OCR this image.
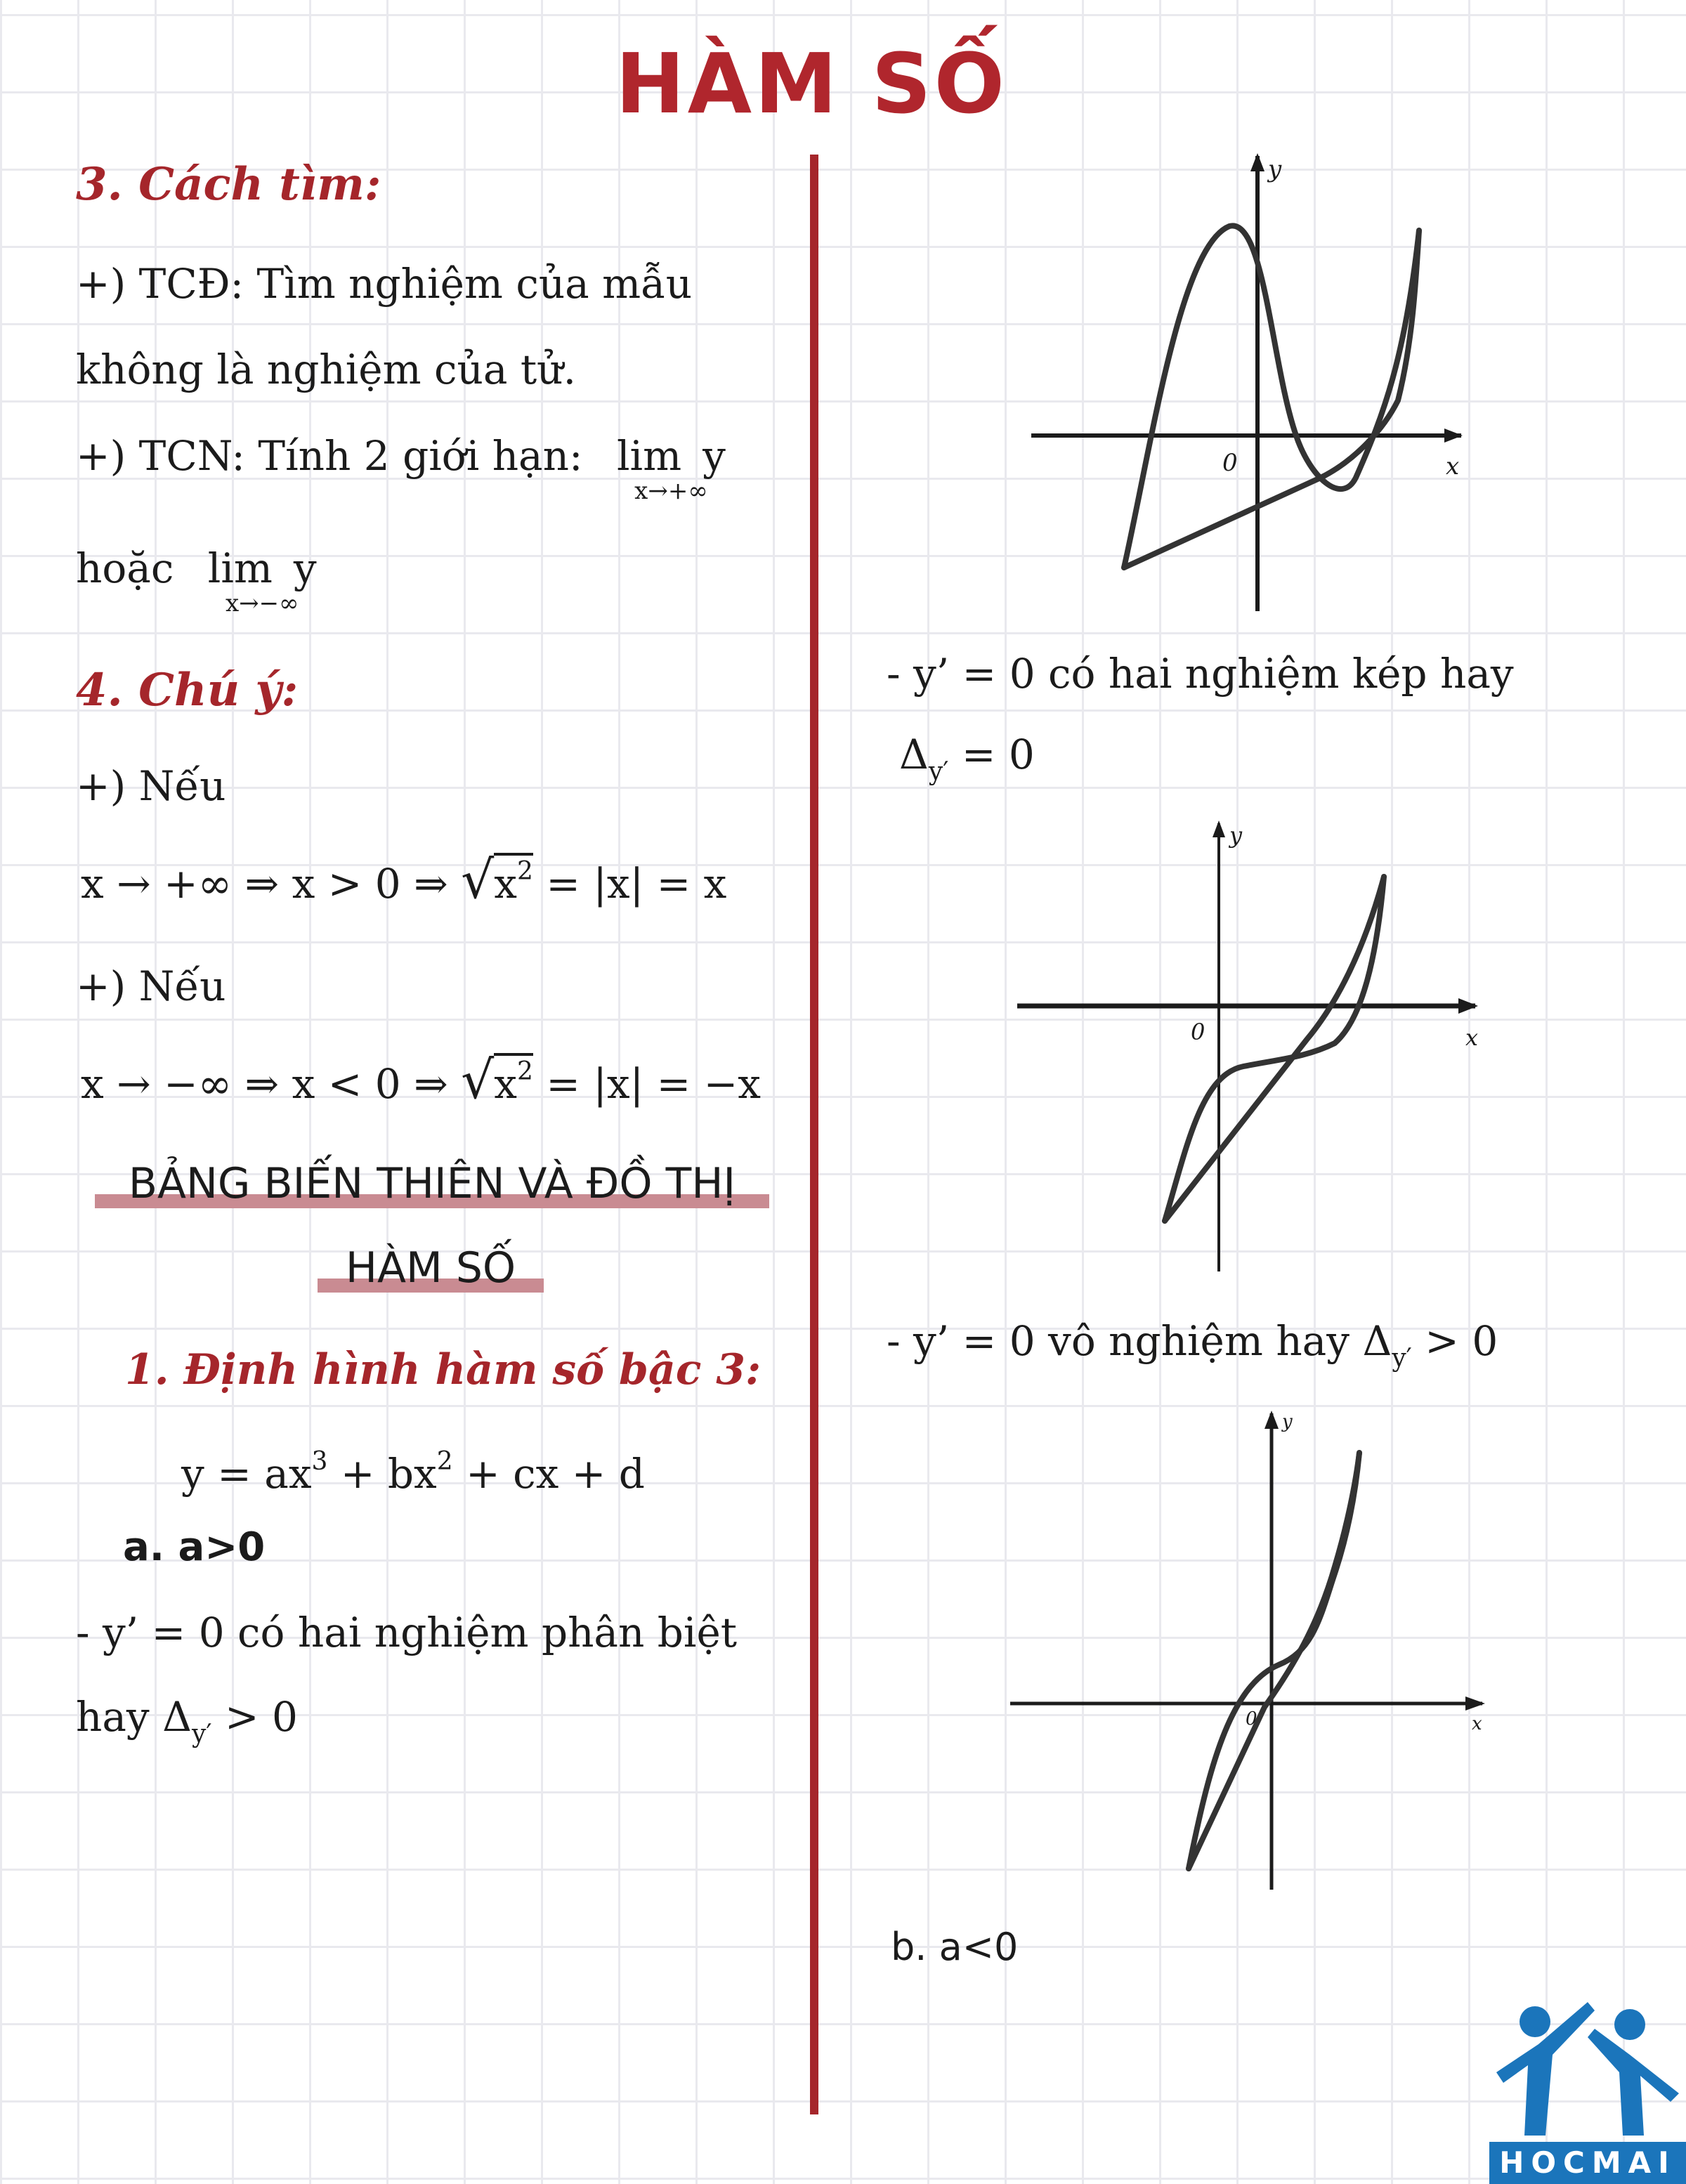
HÀM SỐ
3. Cách tìm:
+) TCĐ: Tìm nghiệm của mẫu
không là nghiệm của tử.
+) TCN: Tính 2 giới hạn: lim y
x→+∞
hoặc lim y
x→−∞
4. Chú ý:
+) Nếu
x → +∞ ⇒ x > 0 ⇒ $√x^2 = |x| = x$
+) Nếu
x → −∞ ⇒ x < 0 ⇒ $√x^2 = |x| = -x$
BẢNG BIẾN THIÊN VÀ ĐỒ THỊ
HÀM SỐ
1. Định hình hàm số bậc 3:
$y = ax^3 + bx^2$ + cx + d
a. a>0
- y’ = 0 có hai nghiệm phân biệt
hay $\Delta_{y'} > 0$
y
x
0
- y’ = 0 có hai nghiệm kép hay
$\Delta_{y'} = 0$
y
x
0
- y’ = 0 vô nghiệm hay $\Delta_{y'} > 0$
y
x
0
b. a<0
HOCMAI
